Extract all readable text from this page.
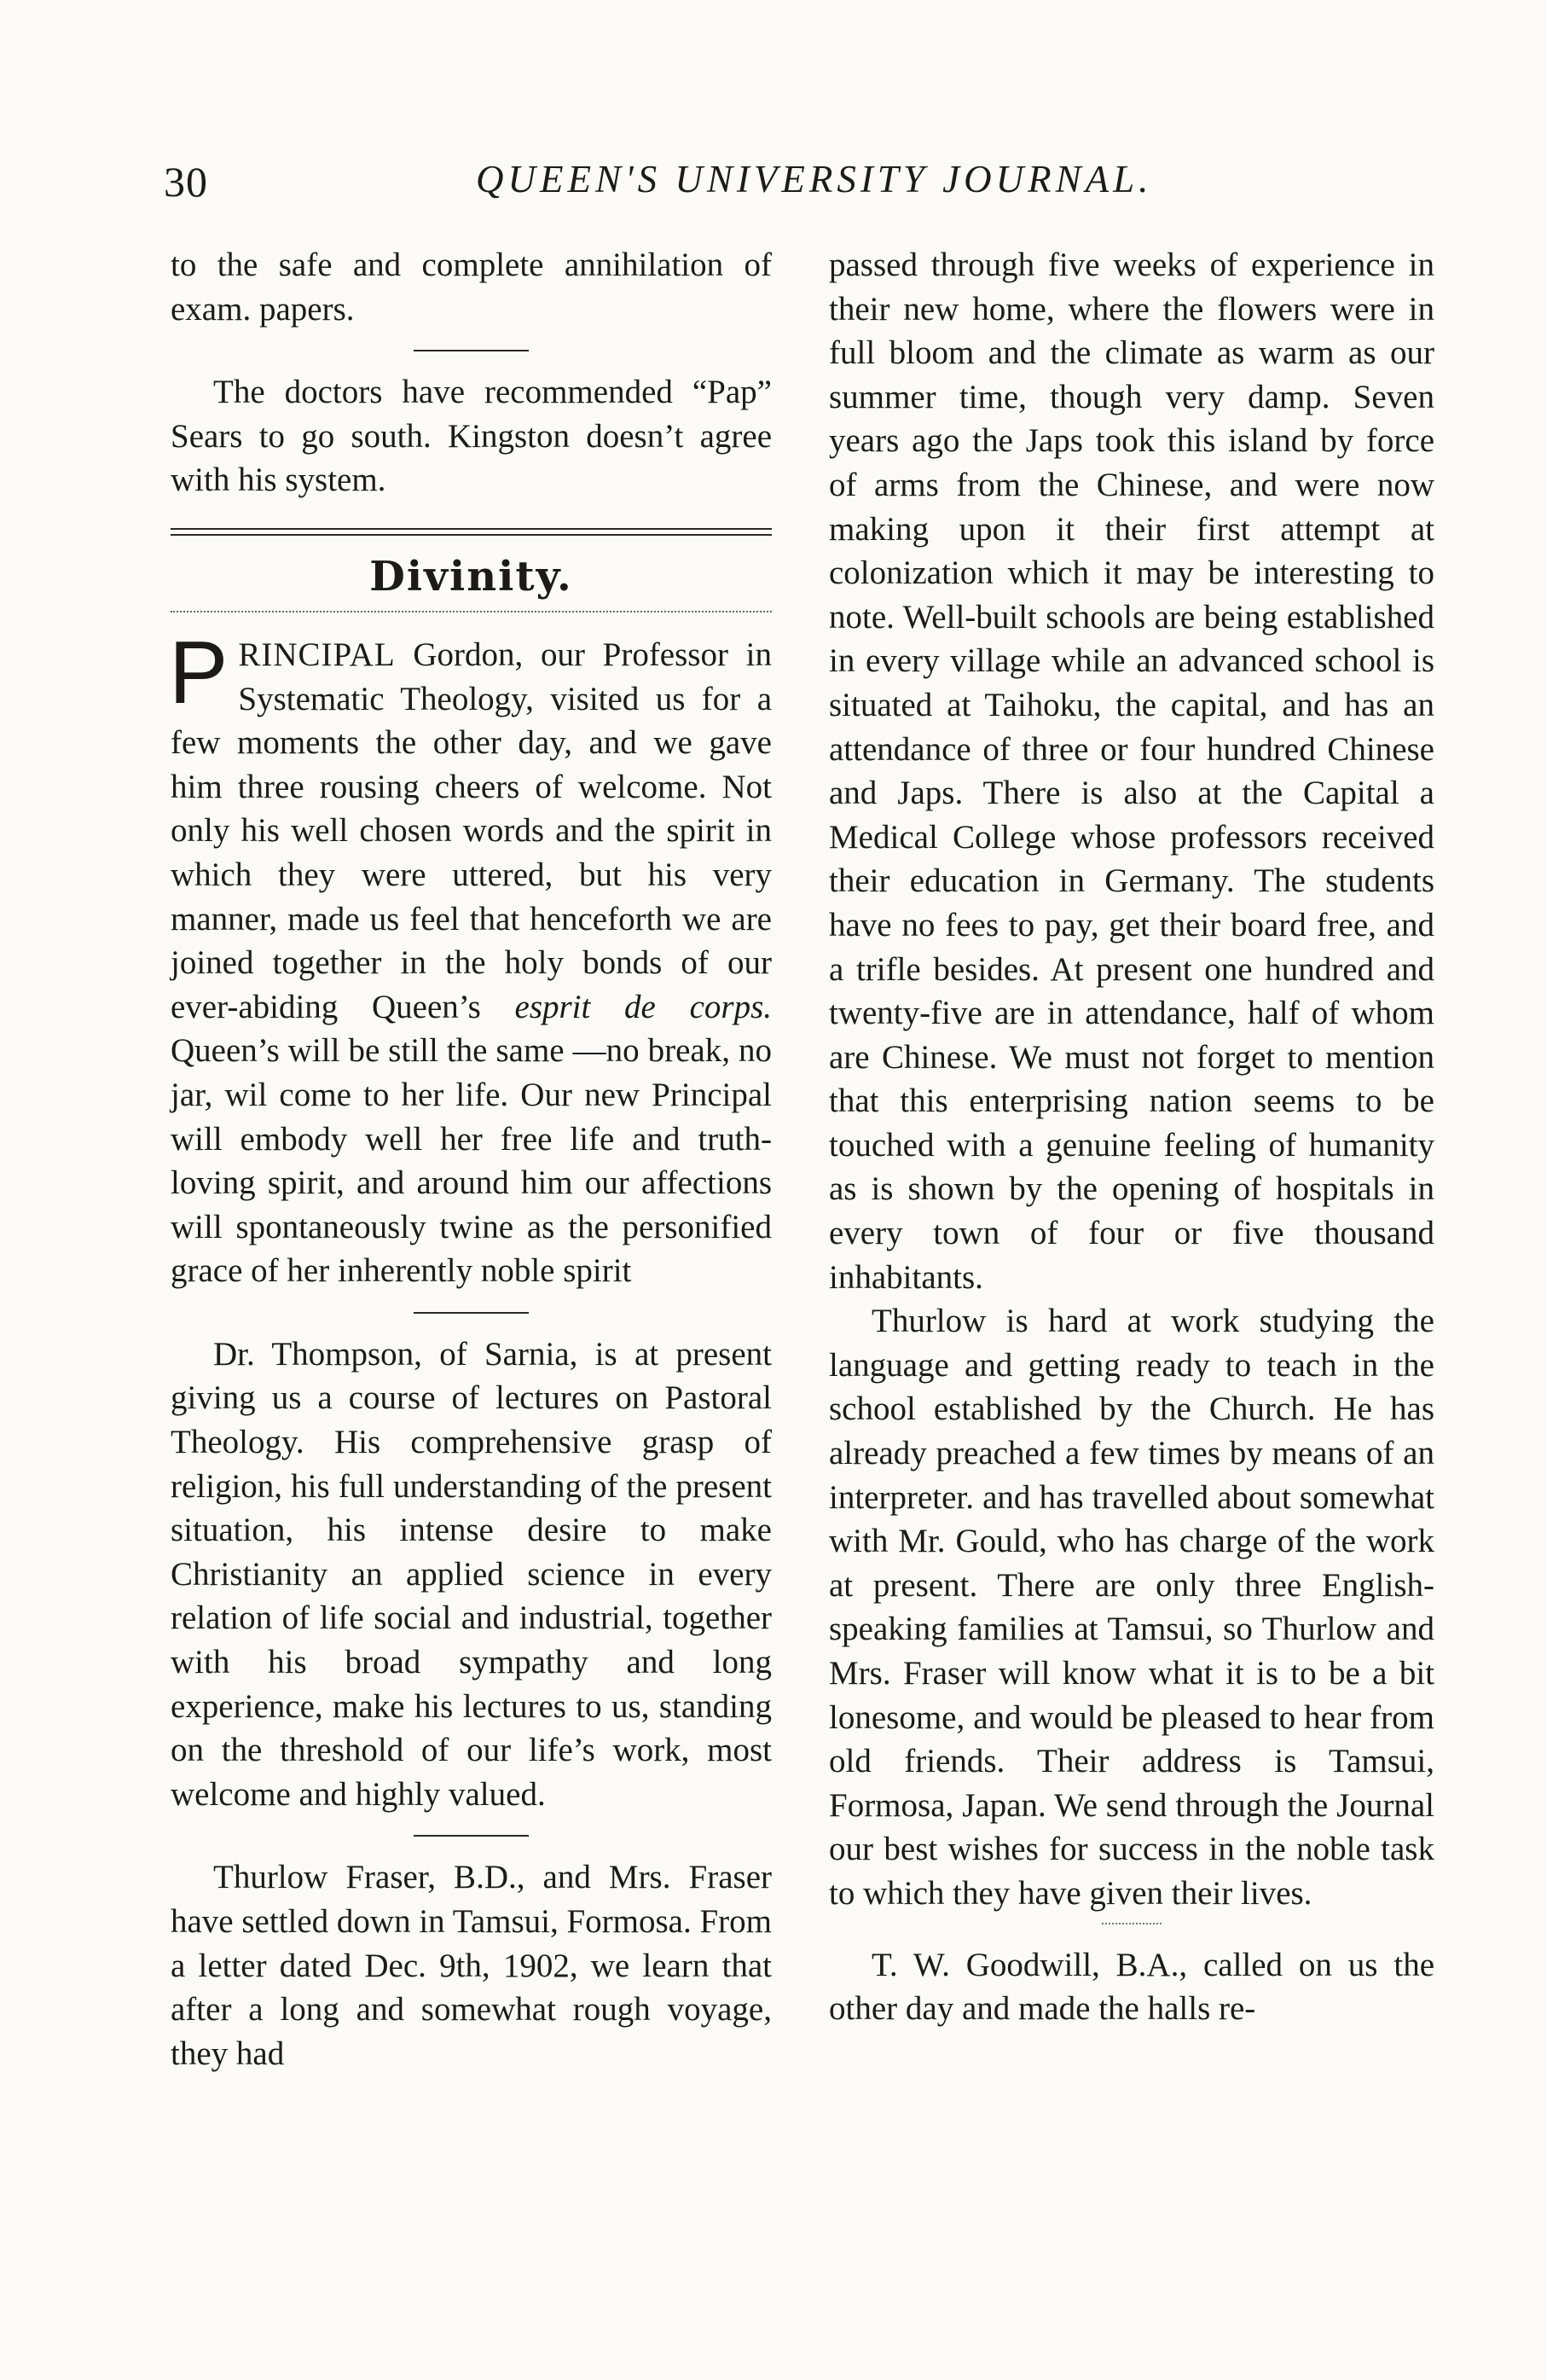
30	QUEEN'S UNIVERSITY JOURNAL.

to the safe and complete annihilation of exam. papers.

The doctors have recommended “Pap” Sears to go south. Kingston doesn’t agree with his system.

Divinity.

PRINCIPAL Gordon, our Professor in Systematic Theology, visited us for a few moments the other day, and we gave him three rousing cheers of welcome. Not only his well chosen words and the spirit in which they were uttered, but his very manner, made us feel that henceforth we are joined together in the holy bonds of our ever-abiding Queen’s esprit de corps. Queen’s will be still the same —no break, no jar, wil come to her life. Our new Principal will embody well her free life and truth-loving spirit, and around him our affections will spontaneously twine as the personified grace of her inherently noble spirit

Dr. Thompson, of Sarnia, is at present giving us a course of lectures on Pastoral Theology. His comprehensive grasp of religion, his full understanding of the present situation, his intense desire to make Christianity an applied science in every relation of life social and industrial, together with his broad sympathy and long experience, make his lectures to us, standing on the threshold of our life’s work, most welcome and highly valued.

Thurlow Fraser, B.D., and Mrs. Fraser have settled down in Tamsui, Formosa. From a letter dated Dec. 9th, 1902, we learn that after a long and somewhat rough voyage, they had

passed through five weeks of experience in their new home, where the flowers were in full bloom and the climate as warm as our summer time, though very damp. Seven years ago the Japs took this island by force of arms from the Chinese, and were now making upon it their first attempt at colonization which it may be interesting to note. Well-built schools are being established in every village while an advanced school is situated at Taihoku, the capital, and has an attendance of three or four hundred Chinese and Japs. There is also at the Capital a Medical College whose professors received their education in Germany. The students have no fees to pay, get their board free, and a trifle besides. At present one hundred and twenty-five are in attendance, half of whom are Chinese. We must not forget to mention that this enterprising nation seems to be touched with a genuine feeling of humanity as is shown by the opening of hospitals in every town of four or five thousand inhabitants.

Thurlow is hard at work studying the language and getting ready to teach in the school established by the Church. He has already preached a few times by means of an interpreter. and has travelled about somewhat with Mr. Gould, who has charge of the work at present. There are only three English-speaking families at Tamsui, so Thurlow and Mrs. Fraser will know what it is to be a bit lonesome, and would be pleased to hear from old friends. Their address is Tamsui, Formosa, Japan. We send through the Journal our best wishes for success in the noble task to which they have given their lives.

T. W. Goodwill, B.A., called on us the other day and made the halls re-
